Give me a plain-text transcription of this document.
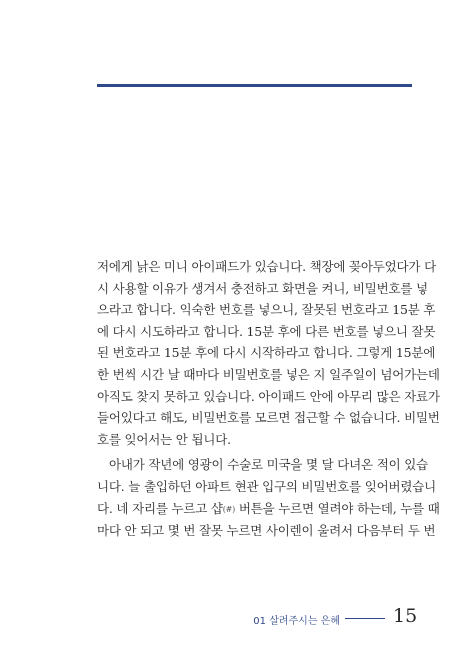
저에게 낡은 미니 아이패드가 있습니다. 책장에 꽂아두었다가 다
시 사용할 이유가 생겨서 충전하고 화면을 켜니, 비밀번호를 넣
으라고 합니다. 익숙한 번호를 넣으니, 잘못된 번호라고 15분 후
에 다시 시도하라고 합니다. 15분 후에 다른 번호를 넣으니 잘못
된 번호라고 15분 후에 다시 시작하라고 합니다. 그렇게 15분에
한 번씩 시간 날 때마다 비밀번호를 넣은 지 일주일이 넘어가는데
아직도 찾지 못하고 있습니다. 아이패드 안에 아무리 많은 자료가
들어있다고 해도, 비밀번호를 모르면 접근할 수 없습니다. 비밀번
호를 잊어서는 안 됩니다.
아내가 작년에 영광이 수술로 미국을 몇 달 다녀온 적이 있습
니다. 늘 출입하던 아파트 현관 입구의 비밀번호를 잊어버렸습니
다. 네 자리를 누르고 샵(#) 버튼을 누르면 열려야 하는데, 누를 때
마다 안 되고 몇 번 잘못 누르면 사이렌이 울려서 다음부터 두 번
01 살려주시는 은혜	15
